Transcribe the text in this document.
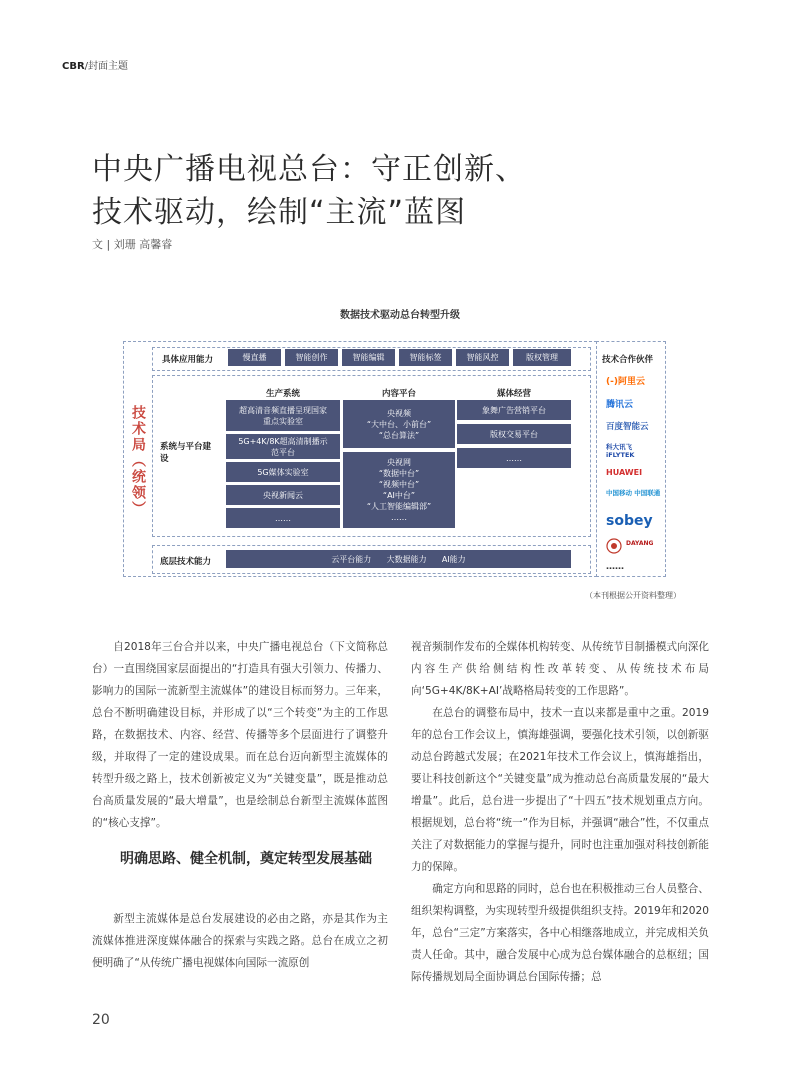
CBR/封面主题
中央广播电视总台：守正创新、
技术驱动，绘制“主流”蓝图
文 | 刘珊 高馨睿
数据技术驱动总台转型升级
技术局（统领）
具体应用能力
系统与平台建设
底层技术能力
慢直播	智能创作	智能编辑	智能标签	智能风控	版权管理
生产系统	内容平台	媒体经营
超高清音频直播呈现国家重点实验室
5G+4K/8K超高清制播示范平台
5G媒体实验室
央视新闻云
……
央视频
“大中台、小前台”
“总台算法”
央视网
“数据中台”
“视频中台”
“AI中台”
“人工智能编辑部”
……
象舞广告营销平台
版权交易平台
……
云平台能力      大数据能力      AI能力
技术合作伙伴
(-)阿里云
腾讯云
百度智能云
科大讯飞 iFLYTEK
HUAWEI
中国移动 中国联通
sobey
DAYANG
……
（本刊根据公开资料整理）

自2018年三台合并以来，中央广播电视总台（下文简称总台）一直围绕国家层面提出的“打造具有强大引领力、传播力、影响力的国际一流新型主流媒体”的建设目标而努力。三年来，总台不断明确建设目标，并形成了以“三个转变”为主的工作思路，在数据技术、内容、经营、传播等多个层面进行了调整升级，并取得了一定的建设成果。而在总台迈向新型主流媒体的转型升级之路上，技术创新被定义为“关键变量”，既是推动总台高质量发展的“最大增量”，也是绘制总台新型主流媒体蓝图的“核心支撑”。

明确思路、健全机制，奠定转型发展基础

新型主流媒体是总台发展建设的必由之路，亦是其作为主流媒体推进深度媒体融合的探索与实践之路。总台在成立之初便明确了“从传统广播电视媒体向国际一流原创

视音频制作发布的全媒体机构转变、从传统节目制播模式向深化内容生产供给侧结构性改革转变、从传统技术布局向‘5G+4K/8K+AI’战略格局转变的工作思路”。

在总台的调整布局中，技术一直以来都是重中之重。2019年的总台工作会议上，慎海雄强调，要强化技术引领，以创新驱动总台跨越式发展；在2021年技术工作会议上，慎海雄指出，要让科技创新这个“关键变量”成为推动总台高质量发展的“最大增量”。此后，总台进一步提出了“十四五”技术规划重点方向。根据规划，总台将“统一”作为目标，并强调“融合”性，不仅重点关注了对数据能力的掌握与提升，同时也注重加强对科技创新能力的保障。

确定方向和思路的同时，总台也在积极推动三台人员整合、组织架构调整，为实现转型升级提供组织支持。2019年和2020年，总台“三定”方案落实，各中心相继落地成立，并完成相关负责人任命。其中，融合发展中心成为总台媒体融合的总枢纽；国际传播规划局全面协调总台国际传播；总

20
